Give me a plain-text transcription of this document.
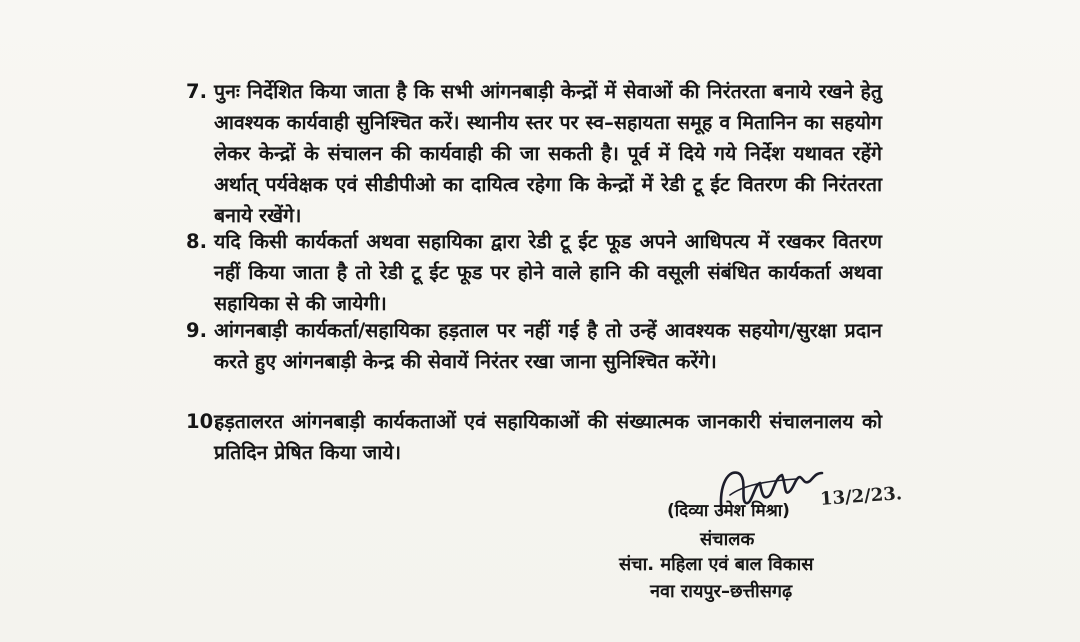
7. पुनः निर्देशित किया जाता है कि सभी आंगनबाड़ी केन्द्रों में सेवाओं की निरंतरता बनाये रखने हेतु आवश्यक कार्यवाही सुनिश्चित करें। स्थानीय स्तर पर स्व–सहायता समूह व मितानिन का सहयोग लेकर केन्द्रों के संचालन की कार्यवाही की जा सकती है। पूर्व में दिये गये निर्देश यथावत रहेंगे अर्थात् पर्यवेक्षक एवं सीडीपीओ का दायित्व रहेगा कि केन्द्रों में रेडी टू ईट वितरण की निरंतरता बनाये रखेंगे।
8. यदि किसी कार्यकर्ता अथवा सहायिका द्वारा रेडी टू ईट फूड अपने आधिपत्य में रखकर वितरण नहीं किया जाता है तो रेडी टू ईट फूड पर होने वाले हानि की वसूली संबंधित कार्यकर्ता अथवा सहायिका से की जायेगी।
9. आंगनबाड़ी कार्यकर्ता/सहायिका हड़ताल पर नहीं गई है तो उन्हें आवश्यक सहयोग/सुरक्षा प्रदान करते हुए आंगनबाड़ी केन्द्र की सेवायें निरंतर रखा जाना सुनिश्चित करेंगे।
10.
हड़तालरत आंगनबाड़ी कार्यकताओं एवं सहायिकाओं की संख्यात्मक जानकारी संचालनालय को प्रतिदिन प्रेषित किया जाये।
(दिव्या उमेश मिश्रा)
13/2/23.
संचालक
संचा. महिला एवं बाल विकास
नवा रायपुर–छत्तीसगढ़
